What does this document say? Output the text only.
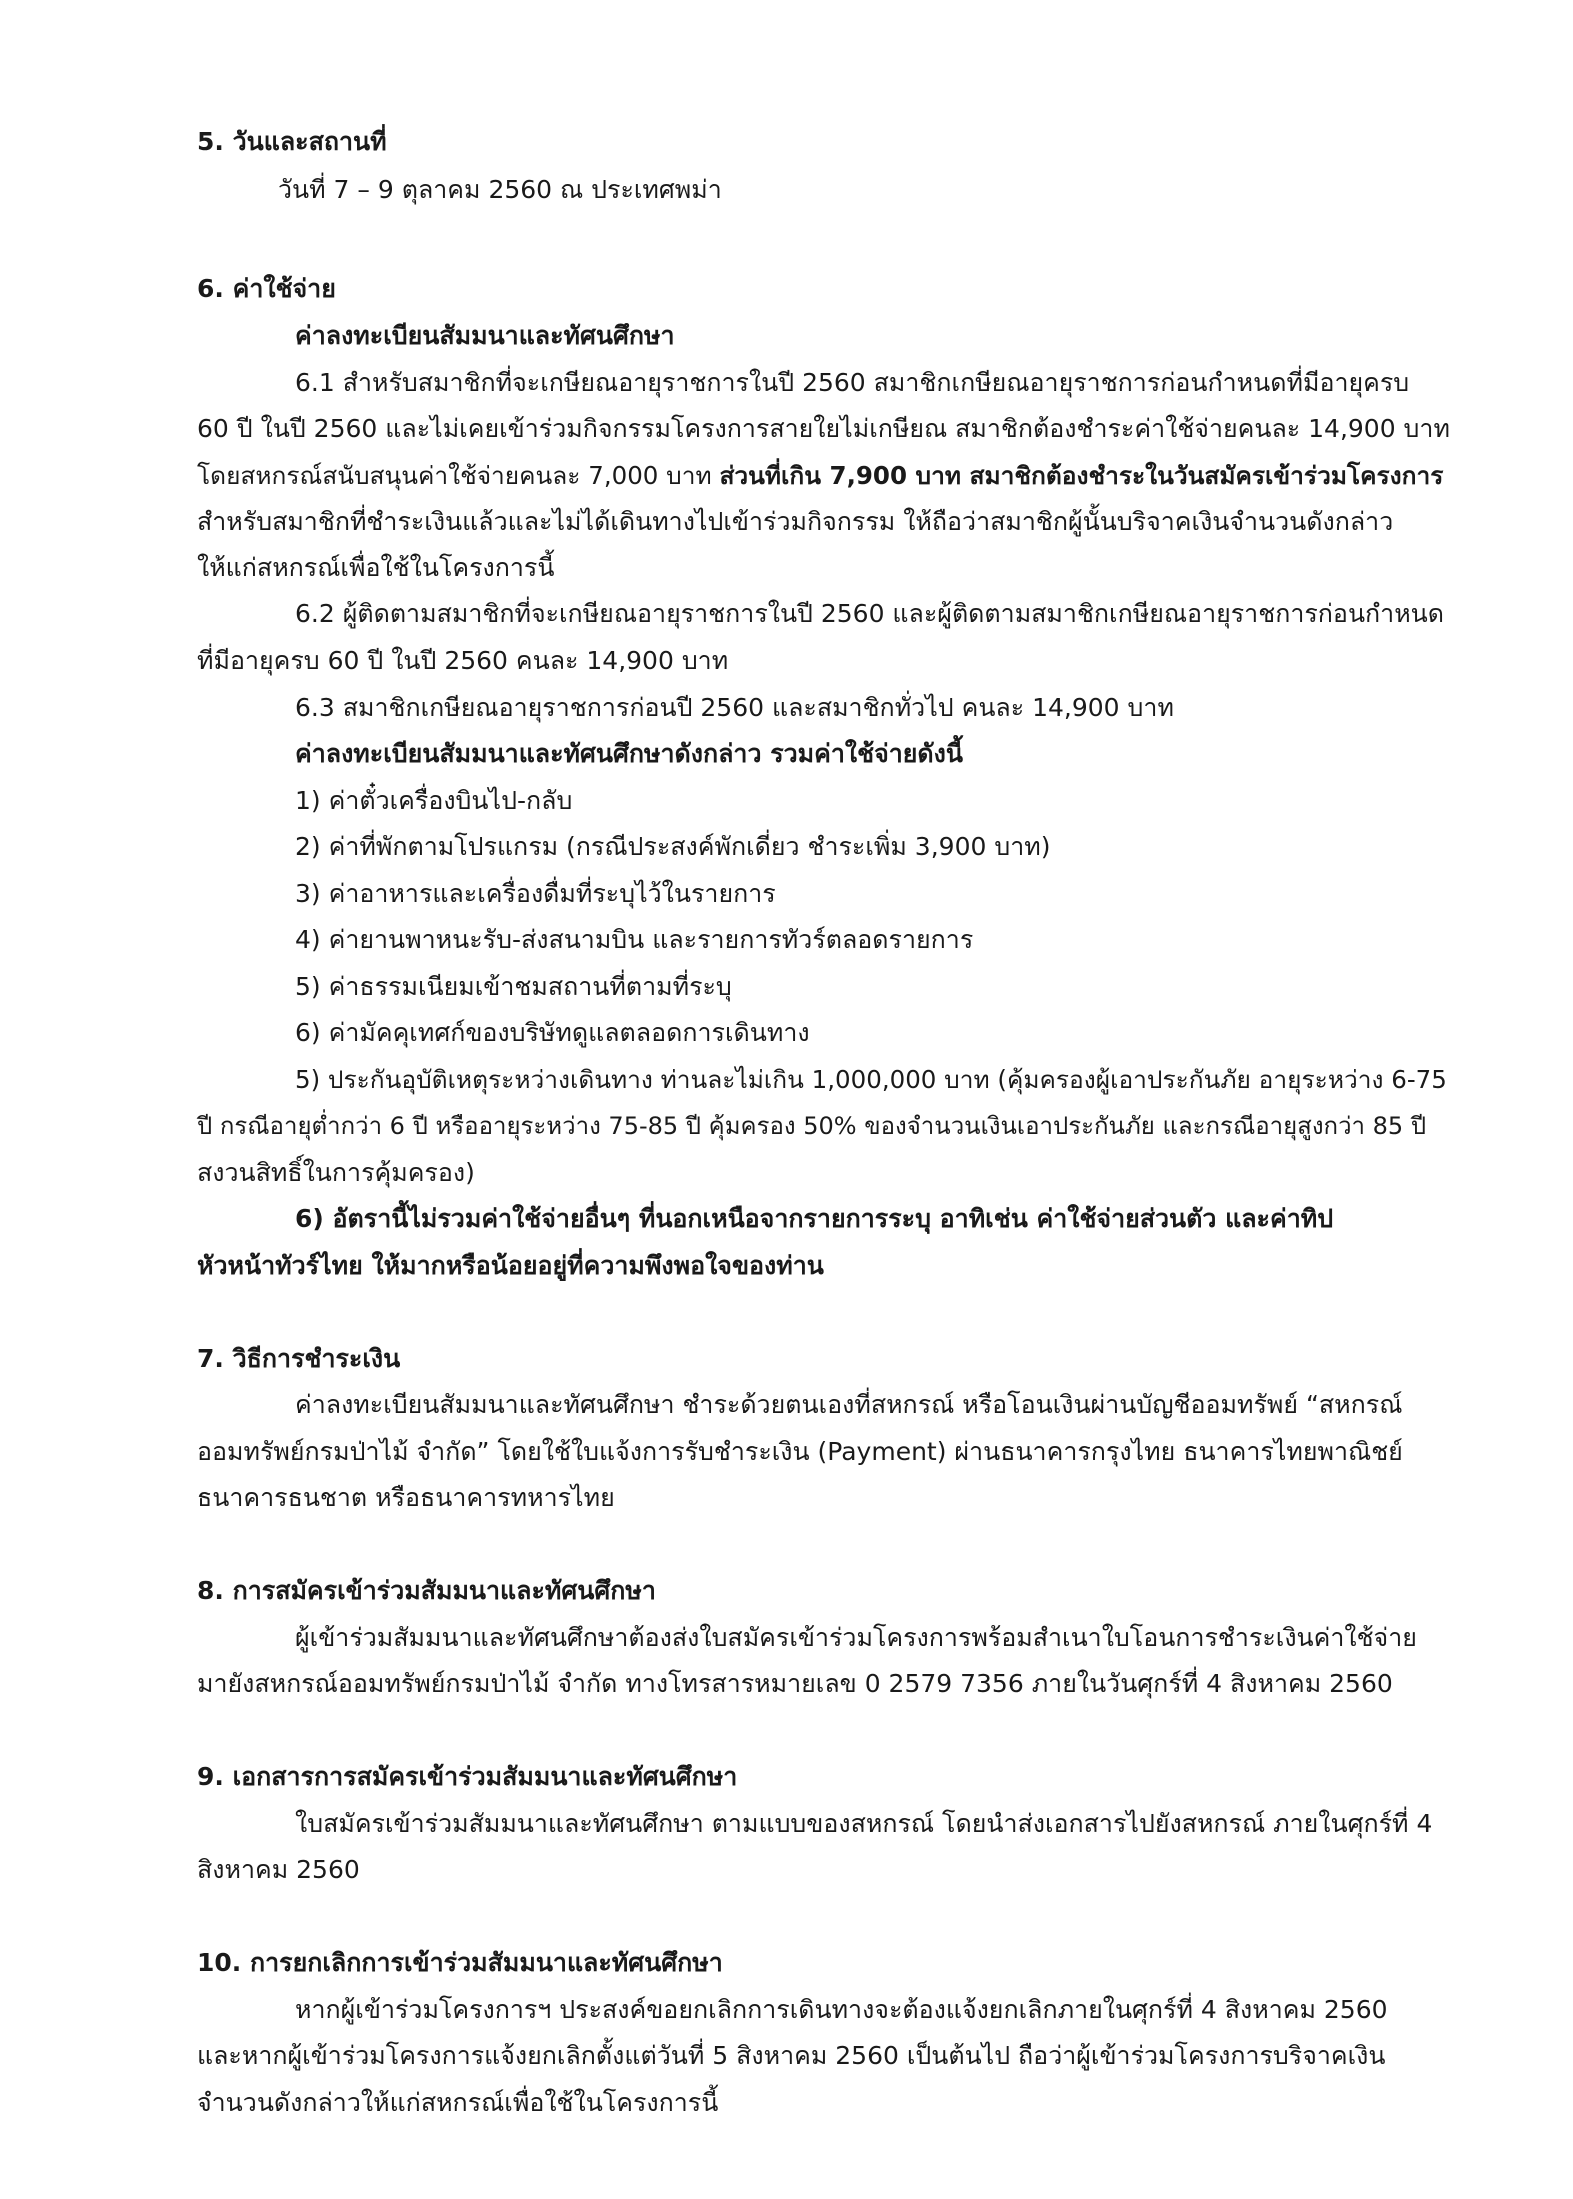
5. วันและสถานที่
วันที่ 7 – 9 ตุลาคม 2560 ณ ประเทศพม่า
6. ค่าใช้จ่าย
ค่าลงทะเบียนสัมมนาและทัศนศึกษา
6.1 สำหรับสมาชิกที่จะเกษียณอายุราชการในปี 2560 สมาชิกเกษียณอายุราชการก่อนกำหนดที่มีอายุครบ
60 ปี ในปี 2560 และไม่เคยเข้าร่วมกิจกรรมโครงการสายใยไม่เกษียณ สมาชิกต้องชำระค่าใช้จ่ายคนละ 14,900 บาท
โดยสหกรณ์สนับสนุนค่าใช้จ่ายคนละ 7,000 บาท ส่วนที่เกิน 7,900 บาท สมาชิกต้องชำระในวันสมัครเข้าร่วมโครงการ
สำหรับสมาชิกที่ชำระเงินแล้วและไม่ได้เดินทางไปเข้าร่วมกิจกรรม ให้ถือว่าสมาชิกผู้นั้นบริจาคเงินจำนวนดังกล่าว
ให้แก่สหกรณ์เพื่อใช้ในโครงการนี้
6.2 ผู้ติดตามสมาชิกที่จะเกษียณอายุราชการในปี 2560 และผู้ติดตามสมาชิกเกษียณอายุราชการก่อนกำหนด
ที่มีอายุครบ 60 ปี ในปี 2560 คนละ 14,900 บาท
6.3 สมาชิกเกษียณอายุราชการก่อนปี 2560 และสมาชิกทั่วไป คนละ 14,900 บาท
ค่าลงทะเบียนสัมมนาและทัศนศึกษาดังกล่าว รวมค่าใช้จ่ายดังนี้
1) ค่าตั๋วเครื่องบินไป-กลับ
2) ค่าที่พักตามโปรแกรม (กรณีประสงค์พักเดี่ยว ชำระเพิ่ม 3,900 บาท)
3) ค่าอาหารและเครื่องดื่มที่ระบุไว้ในรายการ
4) ค่ายานพาหนะรับ-ส่งสนามบิน และรายการทัวร์ตลอดรายการ
5) ค่าธรรมเนียมเข้าชมสถานที่ตามที่ระบุ
6) ค่ามัคคุเทศก์ของบริษัทดูแลตลอดการเดินทาง
5) ประกันอุบัติเหตุระหว่างเดินทาง ท่านละไม่เกิน 1,000,000 บาท (คุ้มครองผู้เอาประกันภัย อายุระหว่าง 6-75
ปี กรณีอายุต่ำกว่า 6 ปี หรืออายุระหว่าง 75-85 ปี คุ้มครอง 50% ของจำนวนเงินเอาประกันภัย และกรณีอายุสูงกว่า 85 ปี
สงวนสิทธิ์ในการคุ้มครอง)
6) อัตรานี้ไม่รวมค่าใช้จ่ายอื่นๆ ที่นอกเหนือจากรายการระบุ อาทิเช่น ค่าใช้จ่ายส่วนตัว และค่าทิป
หัวหน้าทัวร์ไทย ให้มากหรือน้อยอยู่ที่ความพึงพอใจของท่าน
7. วิธีการชำระเงิน
ค่าลงทะเบียนสัมมนาและทัศนศึกษา ชำระด้วยตนเองที่สหกรณ์ หรือโอนเงินผ่านบัญชีออมทรัพย์ “สหกรณ์
ออมทรัพย์กรมป่าไม้ จำกัด” โดยใช้ใบแจ้งการรับชำระเงิน (Payment) ผ่านธนาคารกรุงไทย ธนาคารไทยพาณิชย์
ธนาคารธนชาต หรือธนาคารทหารไทย
8. การสมัครเข้าร่วมสัมมนาและทัศนศึกษา
ผู้เข้าร่วมสัมมนาและทัศนศึกษาต้องส่งใบสมัครเข้าร่วมโครงการพร้อมสำเนาใบโอนการชำระเงินค่าใช้จ่าย
มายังสหกรณ์ออมทรัพย์กรมป่าไม้ จำกัด ทางโทรสารหมายเลข 0 2579 7356 ภายในวันศุกร์ที่ 4 สิงหาคม 2560
9. เอกสารการสมัครเข้าร่วมสัมมนาและทัศนศึกษา
ใบสมัครเข้าร่วมสัมมนาและทัศนศึกษา ตามแบบของสหกรณ์ โดยนำส่งเอกสารไปยังสหกรณ์ ภายในศุกร์ที่ 4
สิงหาคม 2560
10. การยกเลิกการเข้าร่วมสัมมนาและทัศนศึกษา
หากผู้เข้าร่วมโครงการฯ ประสงค์ขอยกเลิกการเดินทางจะต้องแจ้งยกเลิกภายในศุกร์ที่ 4 สิงหาคม 2560
และหากผู้เข้าร่วมโครงการแจ้งยกเลิกตั้งแต่วันที่ 5 สิงหาคม 2560 เป็นต้นไป ถือว่าผู้เข้าร่วมโครงการบริจาคเงิน
จำนวนดังกล่าวให้แก่สหกรณ์เพื่อใช้ในโครงการนี้
